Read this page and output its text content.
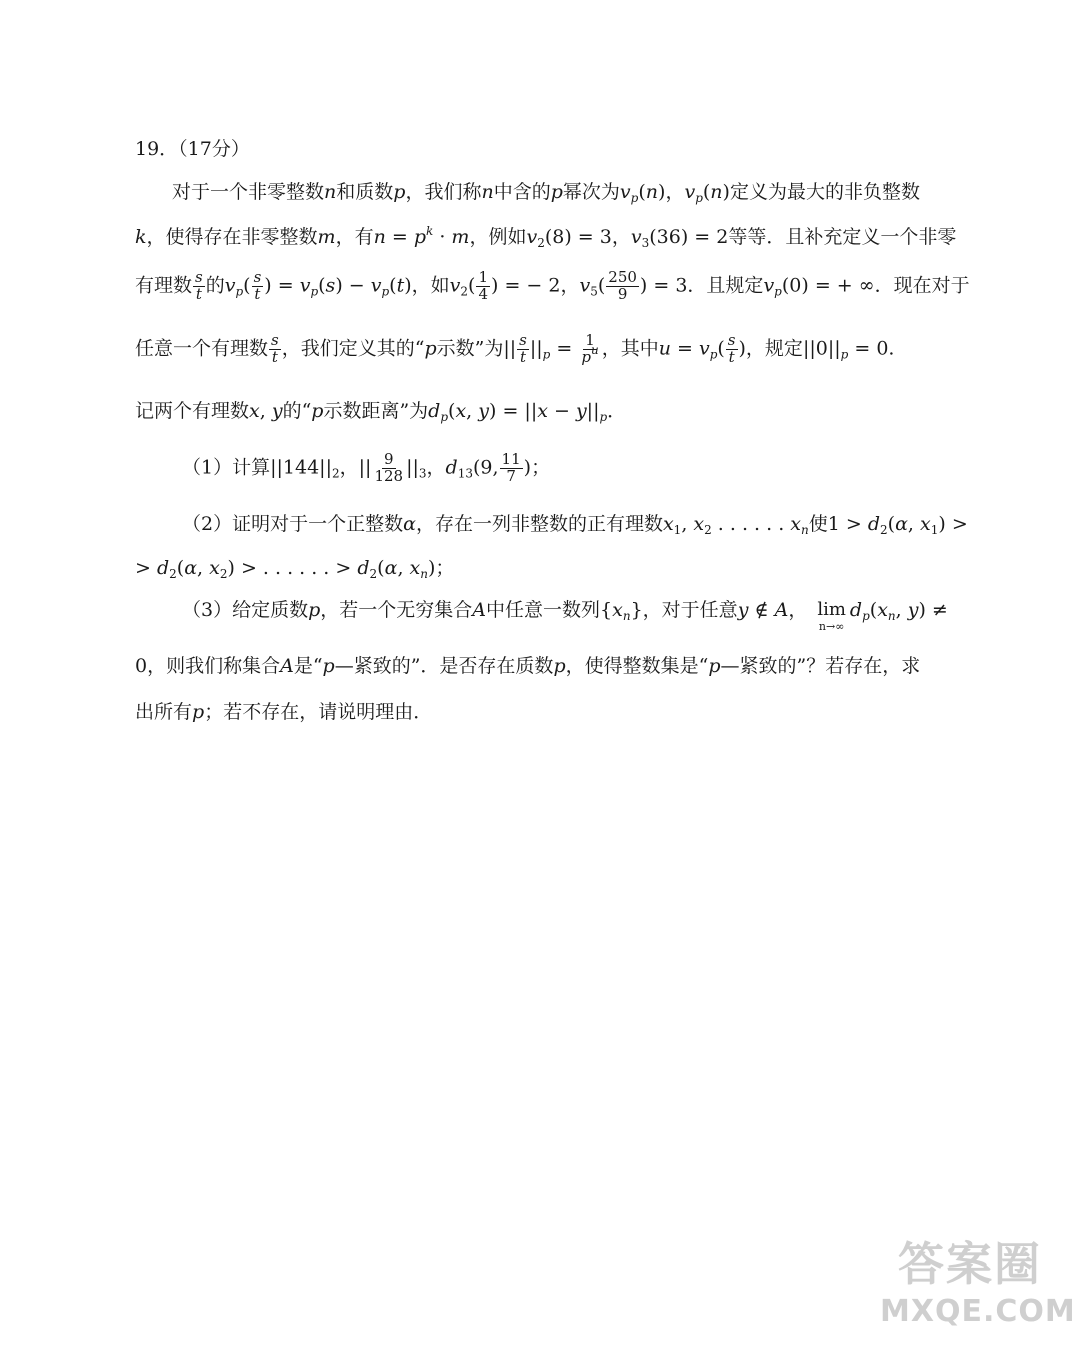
19．（17分）
对于一个非零整数n和质数p，我们称n中含的p幂次为$v_p(n)$，$v_p(n)$定义为最大的非负整数
k，使得存在非零整数m，有$n = p^k \cdot m$，例如$v_2(8) = 3$，$v_3(36) = 2$等等．且补充定义一个非零
有理数 $\frac{s}{t}$ 的$v_p( \frac{s}{t}$ ) = $v_p(s) - v_p(t)$，如$v_2( \frac{1}{4}$ ) = − 2，$v_5( \frac{250}{9}$ ) = 3．且规定$v_p(0)$ = + ∞．现在对于
任意一个有理数 $\frac{s}{t}$ ，我们定义其的“p示数”为|| $\frac{s}{t} ||_p = \frac{1}{p^u}$ ，其中$u = v_p( \frac{s}{t}$ )，规定$||0||_p = 0$.
记两个有理数x, y的“p示数距离”为$d_p(x$, $y) = ||x - y||_p$．
（1）计算$||144||_2$，|| $\frac{9}{128} ||_3$，$d_{13}(9$, $\frac{11}{7}$ )；
（2）证明对于一个正整数α，存在一列非整数的正有理数$x_1$, $x_2$ . . . . . . $x_n$使$1 > d_2(\alpha$, $x_1$) >
> $d_2(\alpha$, $x_2$) > . . . . . . > $d_2(\alpha$, $x_n$)；
（3）给定质数p，若一个无穷集合A中任意一数列$\{x_n\}$，对于任意y ∉ A， lim
n→∞
$d_p(x_n$, y) ≠
0，则我们称集合A是“p—紧致的”．是否存在质数p，使得整数集是“p—紧致的”？若存在，求
出所有p；若不存在，请说明理由．
答案圈
MXQE.COM
